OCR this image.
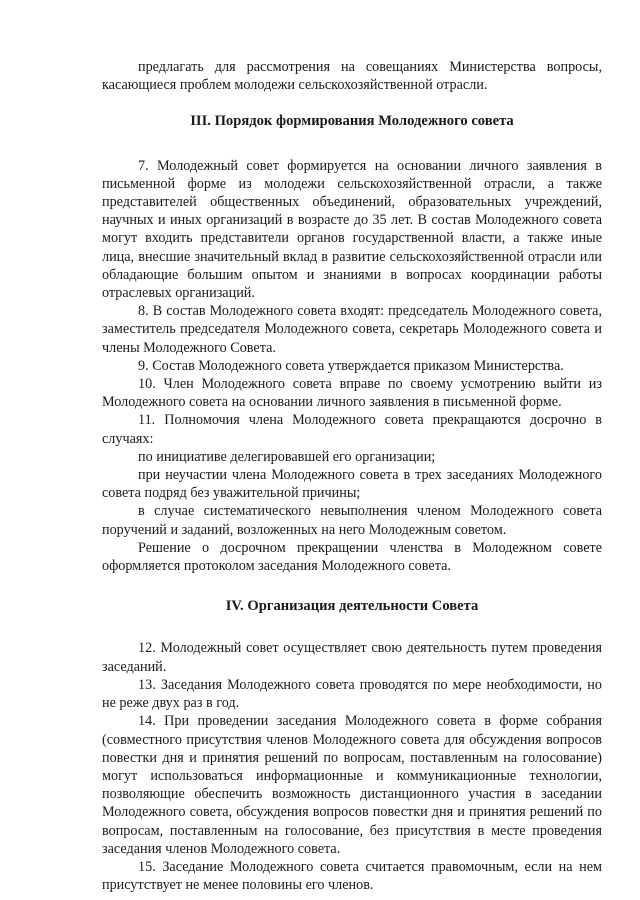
предлагать для рассмотрения на совещаниях Министерства вопросы, касающиеся проблем молодежи сельскохозяйственной отрасли.

III. Порядок формирования Молодежного совета

7. Молодежный совет формируется на основании личного заявления в письменной форме из молодежи сельскохозяйственной отрасли, а также представителей общественных объединений, образовательных учреждений, научных и иных организаций в возрасте до 35 лет. В состав Молодежного совета могут входить представители органов государственной власти, а также иные лица, внесшие значительный вклад в развитие сельскохозяйственной отрасли или обладающие большим опытом и знаниями в вопросах координации работы отраслевых организаций.

8. В состав Молодежного совета входят: председатель Молодежного совета, заместитель председателя Молодежного совета, секретарь Молодежного совета и члены Молодежного Совета.

9. Состав Молодежного совета утверждается приказом Министерства.

10. Член Молодежного совета вправе по своему усмотрению выйти из Молодежного совета на основании личного заявления в письменной форме.

11. Полномочия члена Молодежного совета прекращаются досрочно в случаях:

по инициативе делегировавшей его организации;

при неучастии члена Молодежного совета в трех заседаниях Молодежного совета подряд без уважительной причины;

в случае систематического невыполнения членом Молодежного совета поручений и заданий, возложенных на него Молодежным советом.

Решение о досрочном прекращении членства в Молодежном совете оформляется протоколом заседания Молодежного совета.

IV. Организация деятельности Совета

12. Молодежный совет осуществляет свою деятельность путем проведения заседаний.

13. Заседания Молодежного совета проводятся по мере необходимости, но не реже двух раз в год.

14. При проведении заседания Молодежного совета в форме собрания (совместного присутствия членов Молодежного совета для обсуждения вопросов повестки дня и принятия решений по вопросам, поставленным на голосование) могут использоваться информационные и коммуникационные технологии, позволяющие обеспечить возможность дистанционного участия в заседании Молодежного совета, обсуждения вопросов повестки дня и принятия решений по вопросам, поставленным на голосование, без присутствия в месте проведения заседания членов Молодежного совета.

15. Заседание Молодежного совета считается правомочным, если на нем присутствует не менее половины его членов.
